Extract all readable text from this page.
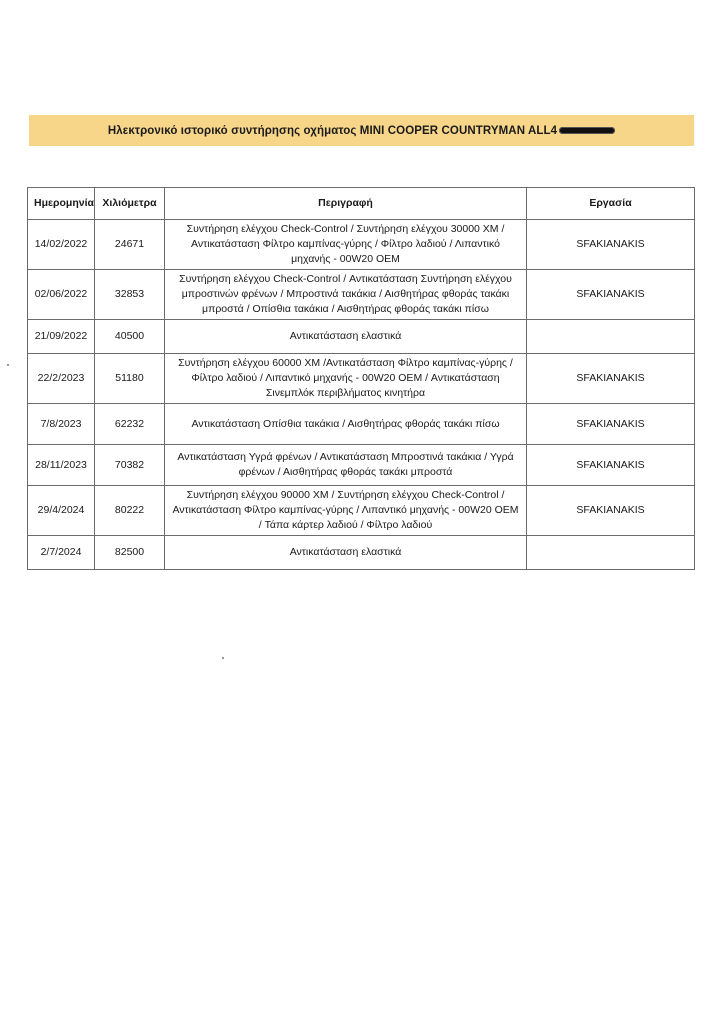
Ηλεκτρονικό ιστορικό συντήρησης οχήματος MINI COOPER COUNTRYMAN ALL4
Ημερομηνία	Χιλιόμετρα	Περιγραφή	Εργασία
14/02/2022	24671	Συντήρηση ελέγχου Check-Control / Συντήρηση ελέγχου 30000 ΧΜ / Αντικατάσταση Φίλτρο καμπίνας-γύρης / Φίλτρο λαδιού / Λιπαντικό μηχανής - 00W20 OEM	SFAKIANAKIS
02/06/2022	32853	Συντήρηση ελέγχου Check-Control / Αντικατάσταση Συντήρηση ελέγχου μπροστινών φρένων / Μπροστινά τακάκια / Αισθητήρας φθοράς τακάκι μπροστά / Οπίσθια τακάκια / Αισθητήρας φθοράς τακάκι πίσω	SFAKIANAKIS
21/09/2022	40500	Αντικατάσταση ελαστικά	
22/2/2023	51180	Συντήρηση ελέγχου 60000 ΧΜ /Αντικατάσταση Φίλτρο καμπίνας-γύρης / Φίλτρο λαδιού / Λιπαντικό μηχανής - 00W20 OEM / Αντικατάσταση Σινεμπλόκ περιβλήματος κινητήρα	SFAKIANAKIS
7/8/2023	62232	Αντικατάσταση Οπίσθια τακάκια / Αισθητήρας φθοράς τακάκι πίσω	SFAKIANAKIS
28/11/2023	70382	Αντικατάσταση Υγρά φρένων / Αντικατάσταση Μπροστινά τακάκια / Υγρά φρένων / Αισθητήρας φθοράς τακάκι μπροστά	SFAKIANAKIS
29/4/2024	80222	Συντήρηση ελέγχου 90000 ΧΜ / Συντήρηση ελέγχου Check-Control / Αντικατάσταση Φίλτρο καμπίνας-γύρης / Λιπαντικό μηχανής - 00W20 OEM / Τάπα κάρτερ λαδιού / Φίλτρο λαδιού	SFAKIANAKIS
2/7/2024	82500	Αντικατάσταση ελαστικά	
